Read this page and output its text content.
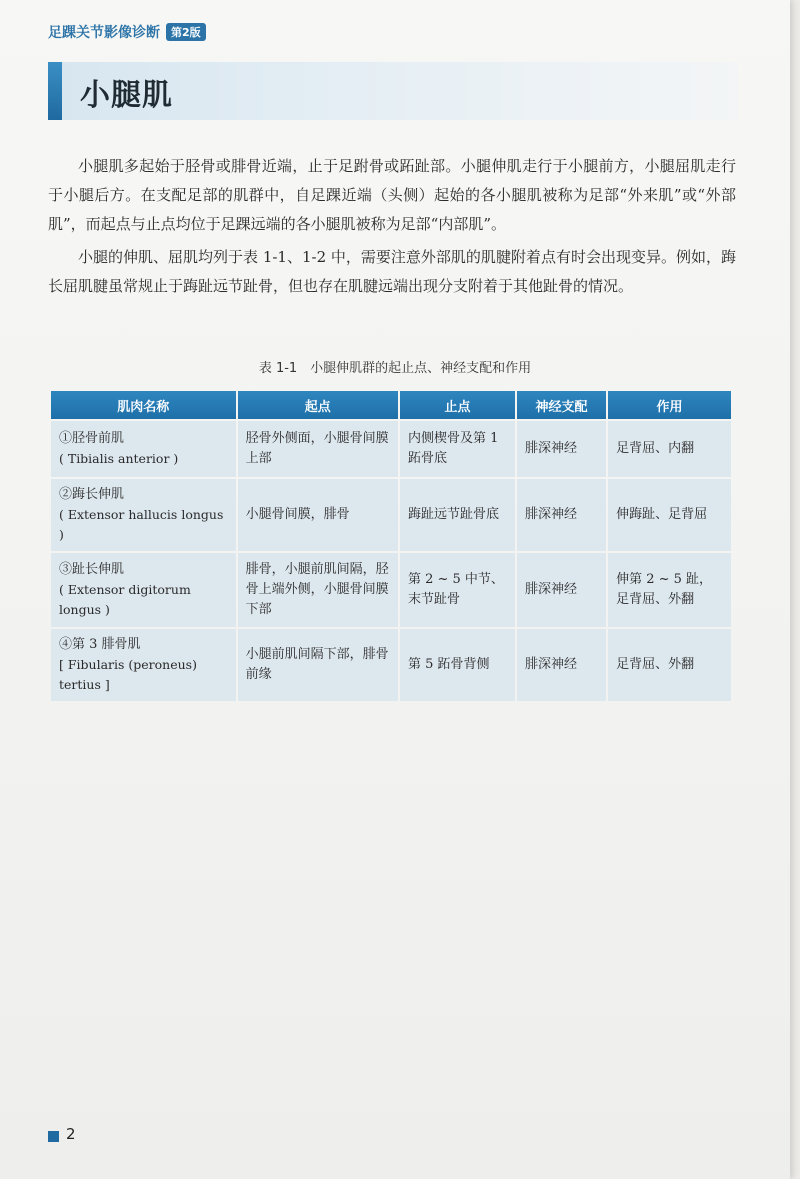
足踝关节影像诊断	第2版
小腿肌

小腿肌多起始于胫骨或腓骨近端，止于足跗骨或跖趾部。小腿伸肌走行于小腿前方，小腿屈肌走行于小腿后方。在支配足部的肌群中，自足踝近端（头侧）起始的各小腿肌被称为足部“外来肌”或“外部肌”，而起点与止点均位于足踝远端的各小腿肌被称为足部“内部肌”。

小腿的伸肌、屈肌均列于表 1-1、1-2 中，需要注意外部肌的肌腱附着点有时会出现变异。例如，踇长屈肌腱虽常规止于踇趾远节趾骨，但也存在肌腱远端出现分支附着于其他趾骨的情况。

表 1-1　小腿伸肌群的起止点、神经支配和作用
肌肉名称	起点	止点	神经支配	作用
①胫骨前肌
( Tibialis anterior )	胫骨外侧面，小腿骨间膜上部	内侧楔骨及第 1 跖骨底	腓深神经	足背屈、内翻
②踇长伸肌
( Extensor hallucis longus )	小腿骨间膜，腓骨	踇趾远节趾骨底	腓深神经	伸踇趾、足背屈
③趾长伸肌
( Extensor digitorum longus )	腓骨，小腿前肌间隔，胫骨上端外侧，小腿骨间膜下部	第 2 ~ 5 中节、末节趾骨	腓深神经	伸第 2 ~ 5 趾，足背屈、外翻
④第 3 腓骨肌
[ Fibularis (peroneus) tertius ]	小腿前肌间隔下部，腓骨前缘	第 5 跖骨背侧	腓深神经	足背屈、外翻
2
